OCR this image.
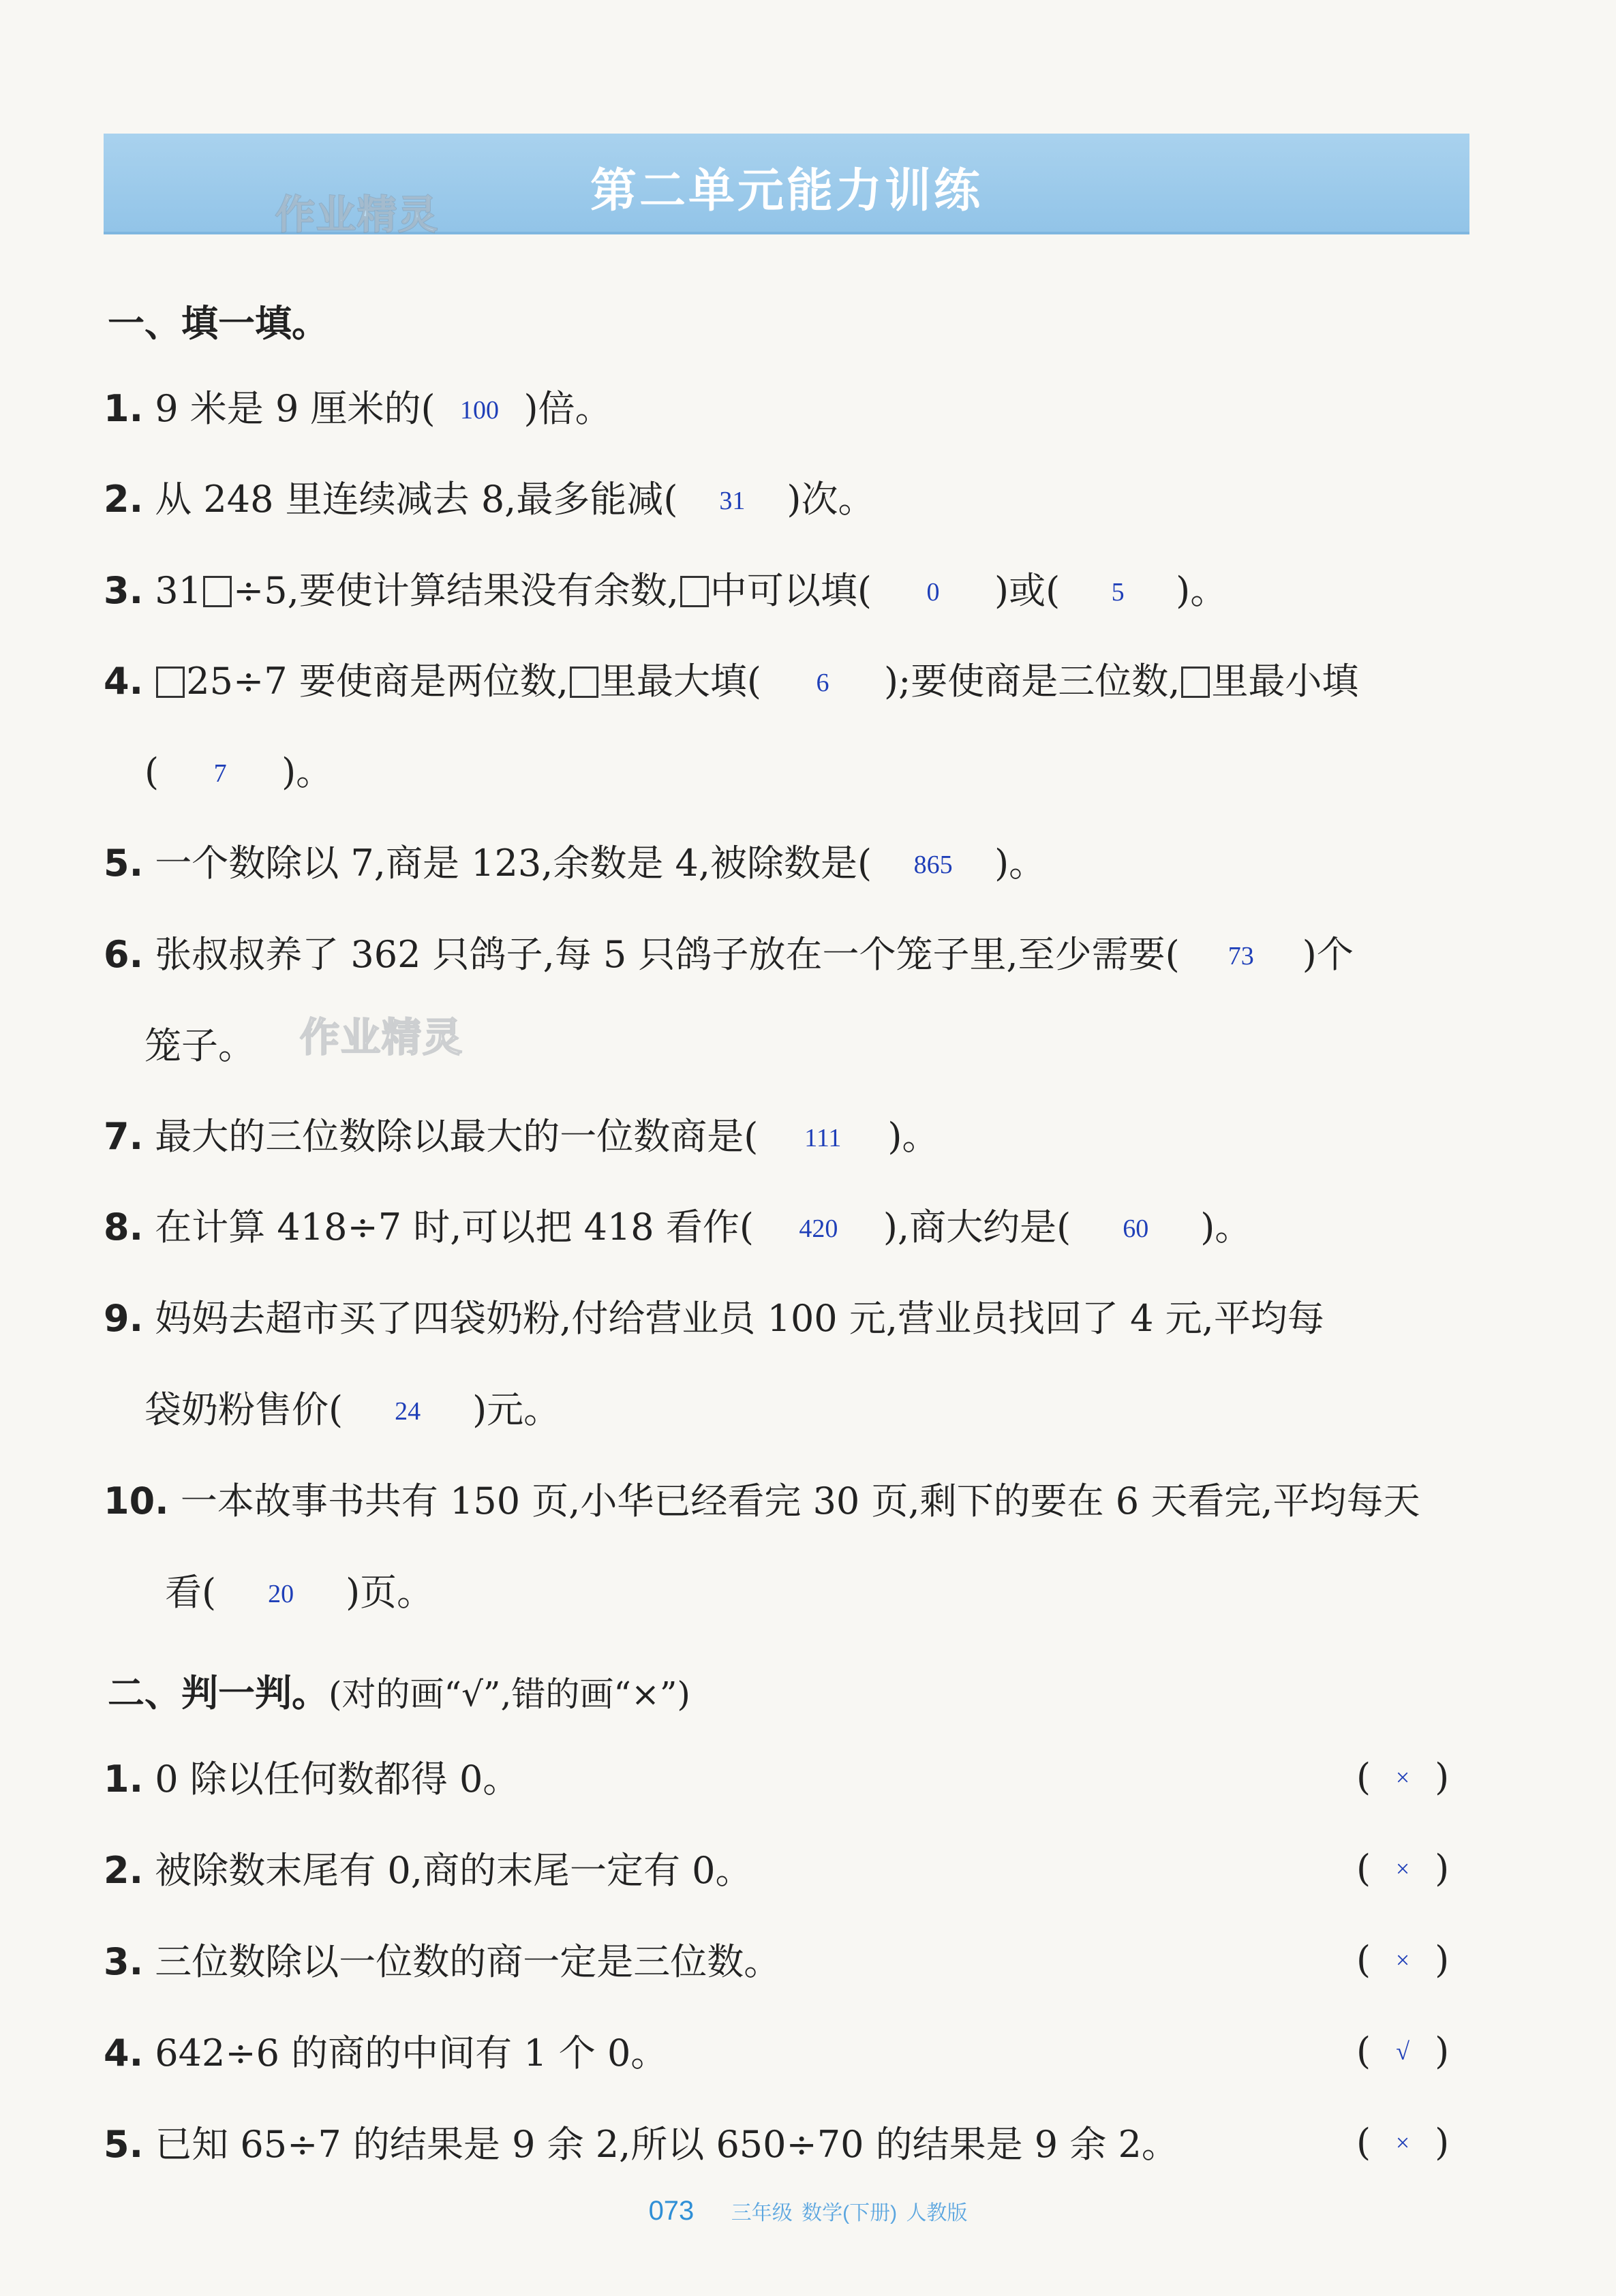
作业精灵	第二单元能力训练
一、填一填。
1. 9 米是 9 厘米的( 100 )倍。
2. 从 248 里连续减去 8,最多能减( 31 )次。
3. 31 ÷5,要使计算结果没有余数, 中可以填( 0 )或( 5 )。
4. 25÷7 要使商是两位数, 里最大填( 6 );要使商是三位数, 里最小填
( 7 )。
5. 一个数除以 7,商是 123,余数是 4,被除数是( 865 )。
6. 张叔叔养了 362 只鸽子,每 5 只鸽子放在一个笼子里,至少需要( 73 )个
笼子。 作业精灵
7. 最大的三位数除以最大的一位数商是( 111 )。
8. 在计算 418÷7 时,可以把 418 看作( 420 ),商大约是( 60 )。
9. 妈妈去超市买了四袋奶粉,付给营业员 100 元,营业员找回了 4 元,平均每
袋奶粉售价( 24 )元。
10. 一本故事书共有 150 页,小华已经看完 30 页,剩下的要在 6 天看完,平均每天
看( 20 )页。
二、判一判。(对的画“√”,错的画“×”)
1. 0 除以任何数都得 0。	( × )
2. 被除数末尾有 0,商的末尾一定有 0。	( × )
3. 三位数除以一位数的商一定是三位数。	( × )
4. 642÷6 的商的中间有 1 个 0。	( √ )
5. 已知 65÷7 的结果是 9 余 2,所以 650÷70 的结果是 9 余 2。	( × )
073 三年级 数学(下册) 人教版
